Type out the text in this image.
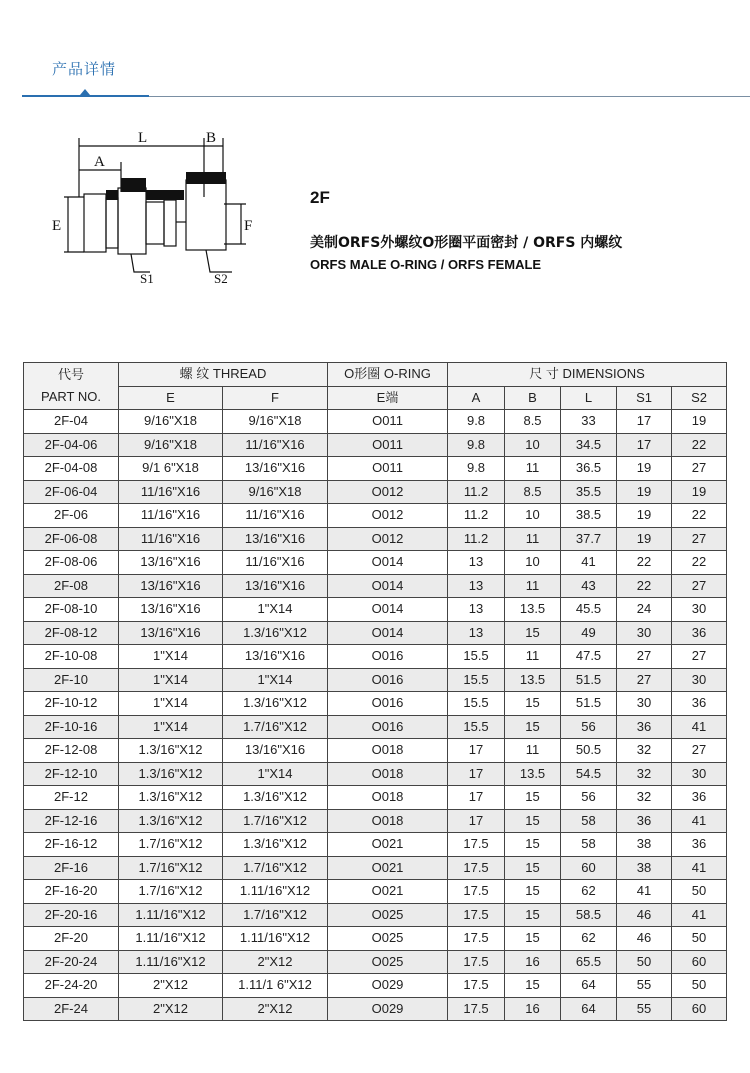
产品详情
L	B
A
E	F
S1	S2
2F
美制ORFS外螺纹O形圈平面密封 / ORFS 内螺纹
ORFS MALE O-RING / ORFS FEMALE
代号
PART NO.	螺 纹 THREAD		O形圈 O-RING	尺 寸 DIMENSIONS				
	E	F	E端	A	B	L	S1	S2
2F-04	9/16"X18	9/16"X18	O011	9.8	8.5	33	17	19
2F-04-06	9/16"X18	11/16"X16	O011	9.8	10	34.5	17	22
2F-04-08	9/1 6"X18	13/16"X16	O011	9.8	11	36.5	19	27
2F-06-04	11/16"X16	9/16"X18	O012	11.2	8.5	35.5	19	19
2F-06	11/16"X16	11/16"X16	O012	11.2	10	38.5	19	22
2F-06-08	11/16"X16	13/16"X16	O012	11.2	11	37.7	19	27
2F-08-06	13/16"X16	11/16"X16	O014	13	10	41	22	22
2F-08	13/16"X16	13/16"X16	O014	13	11	43	22	27
2F-08-10	13/16"X16	1"X14	O014	13	13.5	45.5	24	30
2F-08-12	13/16"X16	1.3/16"X12	O014	13	15	49	30	36
2F-10-08	1"X14	13/16"X16	O016	15.5	11	47.5	27	27
2F-10	1"X14	1"X14	O016	15.5	13.5	51.5	27	30
2F-10-12	1"X14	1.3/16"X12	O016	15.5	15	51.5	30	36
2F-10-16	1"X14	1.7/16"X12	O016	15.5	15	56	36	41
2F-12-08	1.3/16"X12	13/16"X16	O018	17	11	50.5	32	27
2F-12-10	1.3/16"X12	1"X14	O018	17	13.5	54.5	32	30
2F-12	1.3/16"X12	1.3/16"X12	O018	17	15	56	32	36
2F-12-16	1.3/16"X12	1.7/16"X12	O018	17	15	58	36	41
2F-16-12	1.7/16"X12	1.3/16"X12	O021	17.5	15	58	38	36
2F-16	1.7/16"X12	1.7/16"X12	O021	17.5	15	60	38	41
2F-16-20	1.7/16"X12	1.11/16"X12	O021	17.5	15	62	41	50
2F-20-16	1.11/16"X12	1.7/16"X12	O025	17.5	15	58.5	46	41
2F-20	1.11/16"X12	1.11/16"X12	O025	17.5	15	62	46	50
2F-20-24	1.11/16"X12	2"X12	O025	17.5	16	65.5	50	60
2F-24-20	2"X12	1.11/1 6"X12	O029	17.5	15	64	55	50
2F-24	2"X12	2"X12	O029	17.5	16	64	55	60
